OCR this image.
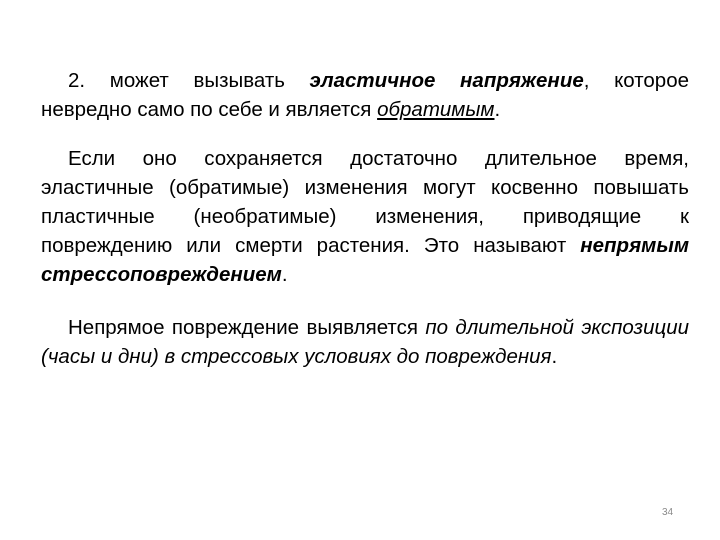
2. может вызывать эластичное напряжение, которое невредно само по себе и является обратимым.

Если оно сохраняется достаточно длительное время, эластичные (обратимые) изменения могут косвенно повышать пластичные (необратимые) изменения, приводящие к повреждению или смерти растения. Это называют непрямым стрессоповреждением.

Непрямое повреждение выявляется по длительной экспозиции (часы и дни) в стрессовых условиях до повреждения.

34
